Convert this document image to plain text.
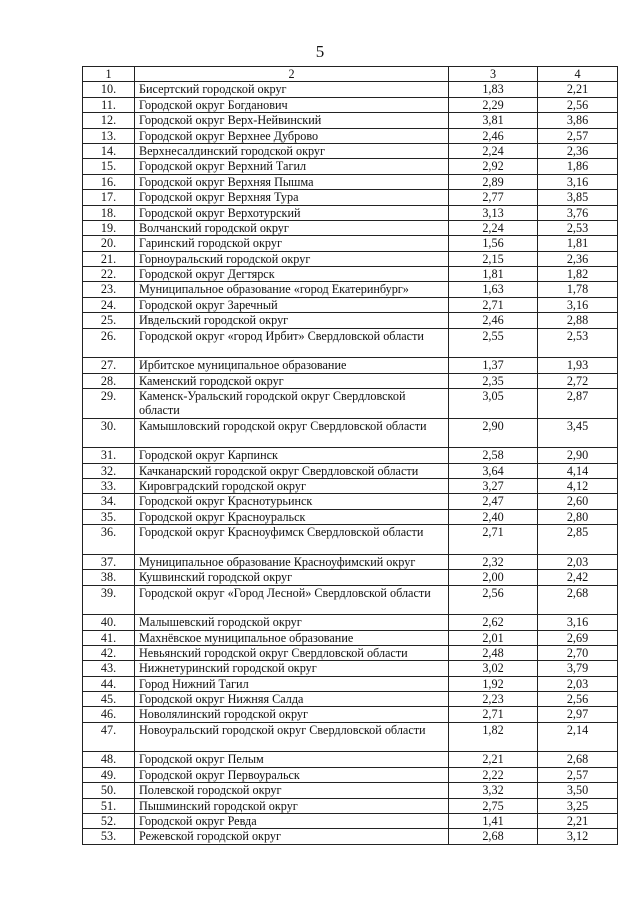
5
1	2	3	4
10.	Бисертский городской округ	1,83	2,21
11.	Городской округ Богданович	2,29	2,56
12.	Городской округ Верх-Нейвинский	3,81	3,86
13.	Городской округ Верхнее Дуброво	2,46	2,57
14.	Верхнесалдинский городской округ	2,24	2,36
15.	Городской округ Верхний Тагил	2,92	1,86
16.	Городской округ Верхняя Пышма	2,89	3,16
17.	Городской округ Верхняя Тура	2,77	3,85
18.	Городской округ Верхотурский	3,13	3,76
19.	Волчанский городской округ	2,24	2,53
20.	Гаринский городской округ	1,56	1,81
21.	Горноуральский городской округ	2,15	2,36
22.	Городской округ Дегтярск	1,81	1,82
23.	Муниципальное образование «город Екатеринбург»	1,63	1,78
24.	Городской округ Заречный	2,71	3,16
25.	Ивдельский городской округ	2,46	2,88
26.	Городской округ «город Ирбит» Свердловской области	2,55	2,53
27.	Ирбитское муниципальное образование	1,37	1,93
28.	Каменский городской округ	2,35	2,72
29.	Каменск-Уральский городской округ Свердловской области	3,05	2,87
30.	Камышловский городской округ Свердловской области	2,90	3,45
31.	Городской округ Карпинск	2,58	2,90
32.	Качканарский городской округ Свердловской области	3,64	4,14
33.	Кировградский городской округ	3,27	4,12
34.	Городской округ Краснотурьинск	2,47	2,60
35.	Городской округ Красноуральск	2,40	2,80
36.	Городской округ Красноуфимск Свердловской области	2,71	2,85
37.	Муниципальное образование Красноуфимский округ	2,32	2,03
38.	Кушвинский городской округ	2,00	2,42
39.	Городской округ «Город Лесной» Свердловской области	2,56	2,68
40.	Малышевский городской округ	2,62	3,16
41.	Махнёвское муниципальное образование	2,01	2,69
42.	Невьянский городской округ Свердловской области	2,48	2,70
43.	Нижнетуринский городской округ	3,02	3,79
44.	Город Нижний Тагил	1,92	2,03
45.	Городской округ Нижняя Салда	2,23	2,56
46.	Новолялинский городской округ	2,71	2,97
47.	Новоуральский городской округ Свердловской области	1,82	2,14
48.	Городской округ Пелым	2,21	2,68
49.	Городской округ Первоуральск	2,22	2,57
50.	Полевской городской округ	3,32	3,50
51.	Пышминский городской округ	2,75	3,25
52.	Городской округ Ревда	1,41	2,21
53.	Режевской городской округ	2,68	3,12
